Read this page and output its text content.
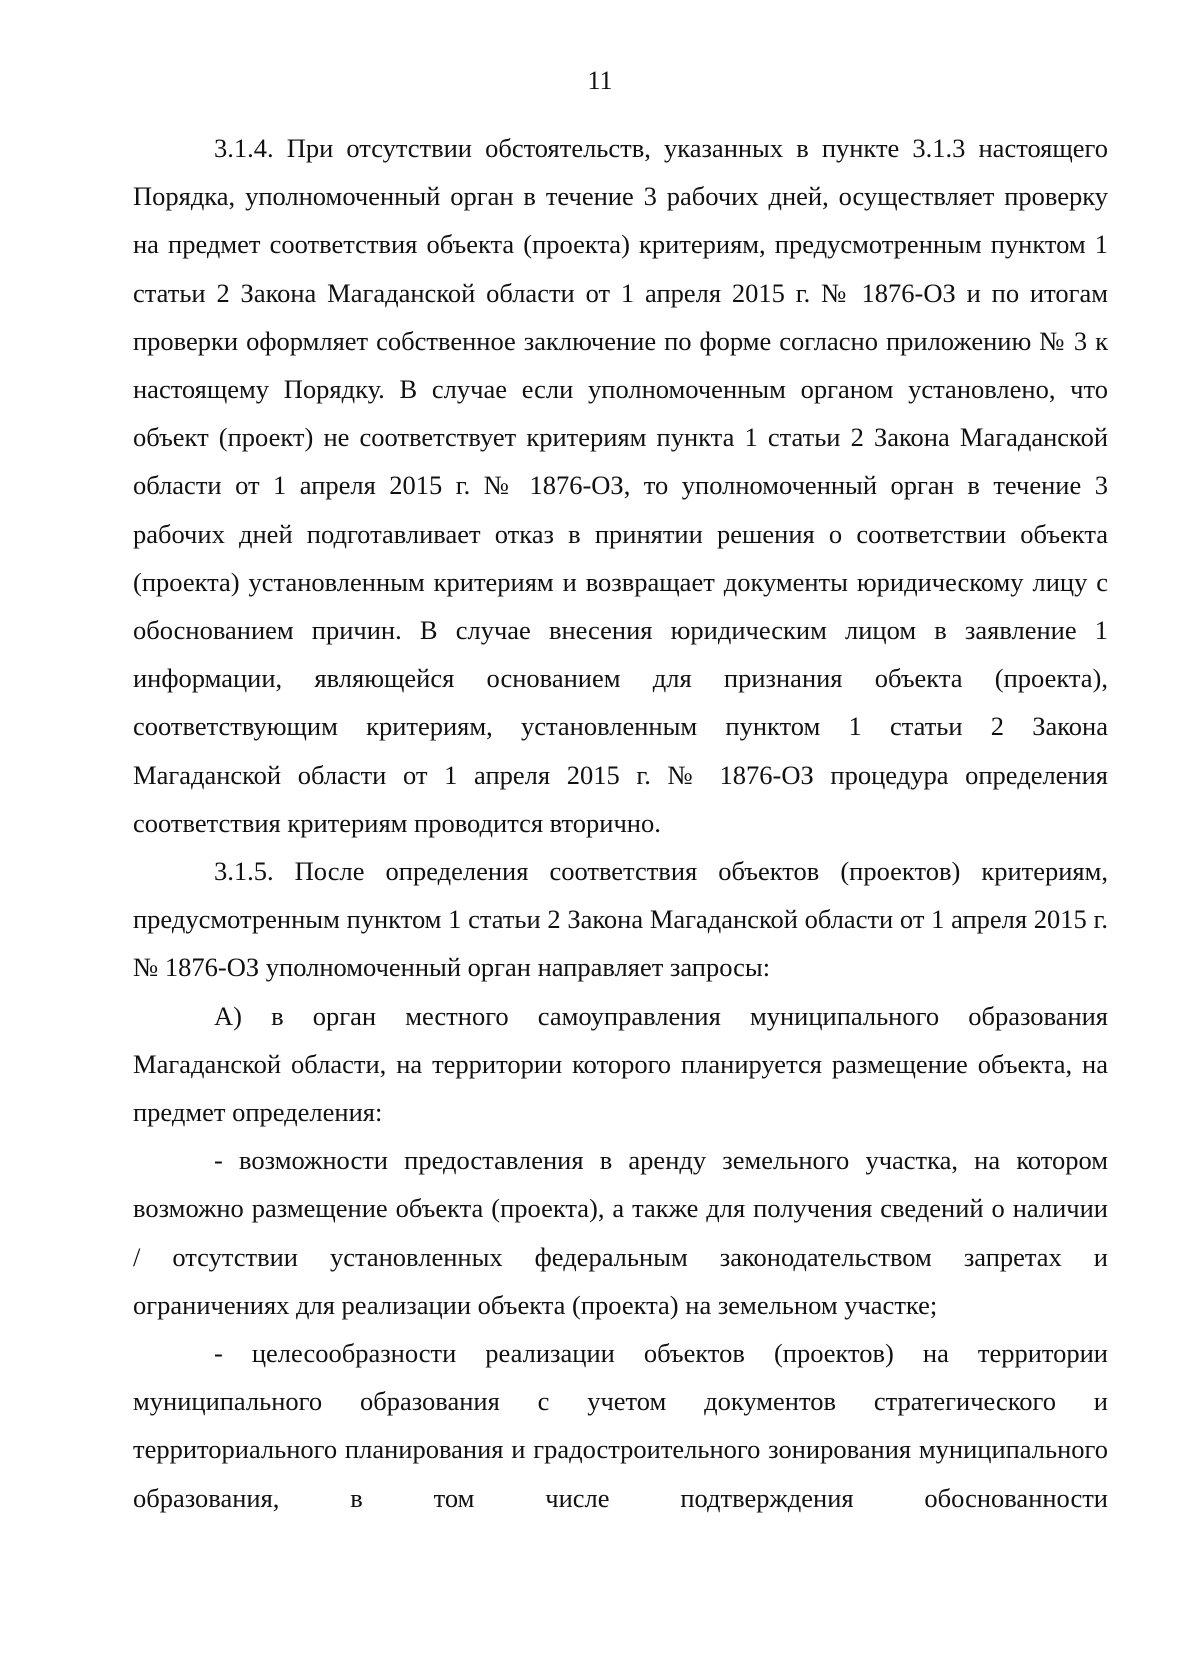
11

3.1.4. При отсутствии обстоятельств, указанных в пункте 3.1.3 настоящего Порядка, уполномоченный орган в течение 3 рабочих дней, осуществляет проверку на предмет соответствия объекта (проекта) критериям, предусмотренным пунктом 1 статьи 2 Закона Магаданской области от 1 апреля 2015 г. № 1876-ОЗ и по итогам проверки оформляет собственное заключение по форме согласно приложению № 3 к настоящему Порядку. В случае если уполномоченным органом установлено, что объект (проект) не соответствует критериям пункта 1 статьи 2 Закона Магаданской области от 1 апреля 2015 г. № 1876-ОЗ, то уполномоченный орган в течение 3 рабочих дней подготавливает отказ в принятии решения о соответствии объекта (проекта) установленным критериям и возвращает документы юридическому лицу с обоснованием причин. В случае внесения юридическим лицом в заявление 1 информации, являющейся основанием для признания объекта (проекта), соответствующим критериям, установленным пунктом 1 статьи 2 Закона Магаданской области от 1 апреля 2015 г. № 1876-ОЗ процедура определения соответствия критериям проводится вторично.

3.1.5. После определения соответствия объектов (проектов) критериям, предусмотренным пунктом 1 статьи 2 Закона Магаданской области от 1 апреля 2015 г. № 1876-ОЗ уполномоченный орган направляет запросы:

А) в орган местного самоуправления муниципального образования Магаданской области, на территории которого планируется размещение объекта, на предмет определения:

- возможности предоставления в аренду земельного участка, на котором возможно размещение объекта (проекта), а также для получения сведений о наличии / отсутствии установленных федеральным законодательством запретах и ограничениях для реализации объекта (проекта) на земельном участке;

- целесообразности реализации объектов (проектов) на территории муниципального образования с учетом документов стратегического и территориального планирования и градостроительного зонирования муниципального образования, в том числе подтверждения обоснованности
